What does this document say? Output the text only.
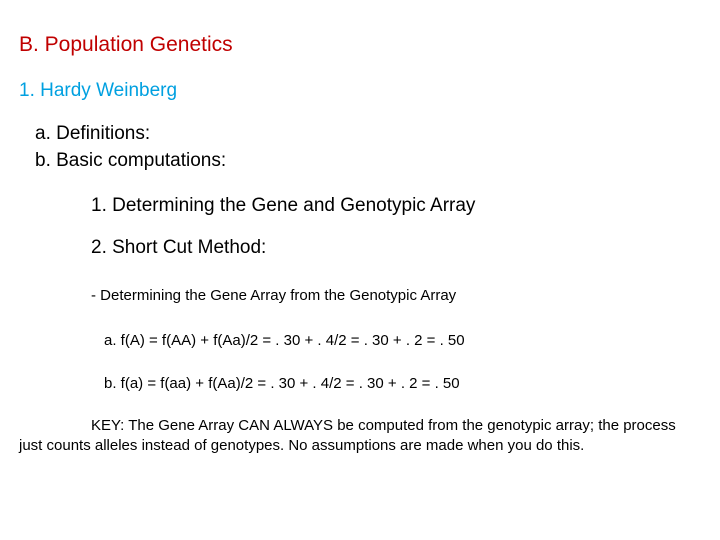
B. Population Genetics
1. Hardy Weinberg
a. Definitions:
b. Basic computations:
1. Determining the Gene and Genotypic Array
2. Short Cut Method:
- Determining the Gene Array from the Genotypic Array
a. f(A) = f(AA) + f(Aa)/2 = . 30 + . 4/2 = . 30 + . 2 = . 50
b. f(a) = f(aa) + f(Aa)/2 = . 30 + . 4/2 = . 30 + . 2 = . 50
KEY: The Gene Array CAN ALWAYS be computed from the genotypic array; the process just counts alleles instead of genotypes. No assumptions are made when you do this.
